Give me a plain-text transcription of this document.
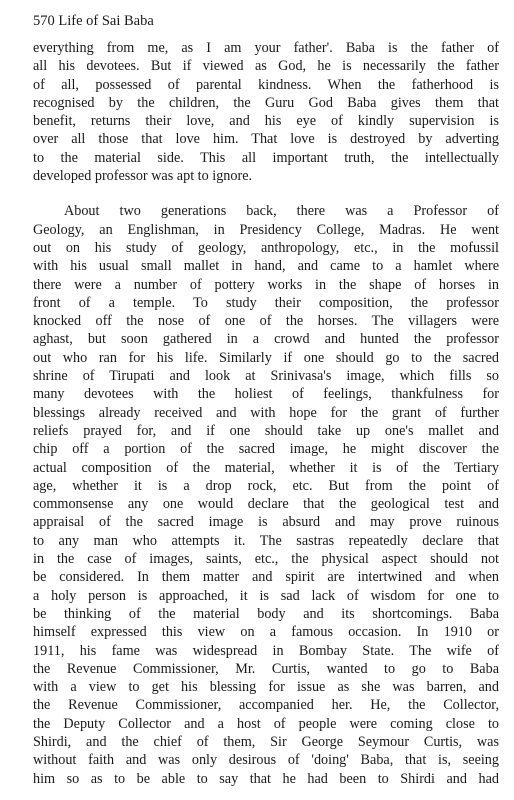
570 Life of Sai Baba
everything from me, as I am your father'. Baba is the father of
all his devotees. But if viewed as God, he is necessarily the father
of all, possessed of parental kindness. When the fatherhood is
recognised by the children, the Guru God Baba gives them that
benefit, returns their love, and his eye of kindly supervision is
over all those that love him. That love is destroyed by adverting
to the material side. This all important truth, the intellectually
developed professor was apt to ignore.
About two generations back, there was a Professor of
Geology, an Englishman, in Presidency College, Madras. He went
out on his study of geology, anthropology, etc., in the mofussil
with his usual small mallet in hand, and came to a hamlet where
there were a number of pottery works in the shape of horses in
front of a temple. To study their composition, the professor
knocked off the nose of one of the horses. The villagers were
aghast, but soon gathered in a crowd and hunted the professor
out who ran for his life. Similarly if one should go to the sacred
shrine of Tirupati and look at Srinivasa's image, which fills so
many devotees with the holiest of feelings, thankfulness for
blessings already received and with hope for the grant of further
reliefs prayed for, and if one should take up one's mallet and
chip off a portion of the sacred image, he might discover the
actual composition of the material, whether it is of the Tertiary
age, whether it is a drop rock, etc. But from the point of
commonsense any one would declare that the geological test and
appraisal of the sacred image is absurd and may prove ruinous
to any man who attempts it. The sastras repeatedly declare that
in the case of images, saints, etc., the physical aspect should not
be considered. In them matter and spirit are intertwined and when
a holy person is approached, it is sad lack of wisdom for one to
be thinking of the material body and its shortcomings. Baba
himself expressed this view on a famous occasion. In 1910 or
1911, his fame was widespread in Bombay State. The wife of
the Revenue Commissioner, Mr. Curtis, wanted to go to Baba
with a view to get his blessing for issue as she was barren, and
the Revenue Commissioner, accompanied her. He, the Collector,
the Deputy Collector and a host of people were coming close to
Shirdi, and the chief of them, Sir George Seymour Curtis, was
without faith and was only desirous of 'doing' Baba, that is, seeing
him so as to be able to say that he had been to Shirdi and had
